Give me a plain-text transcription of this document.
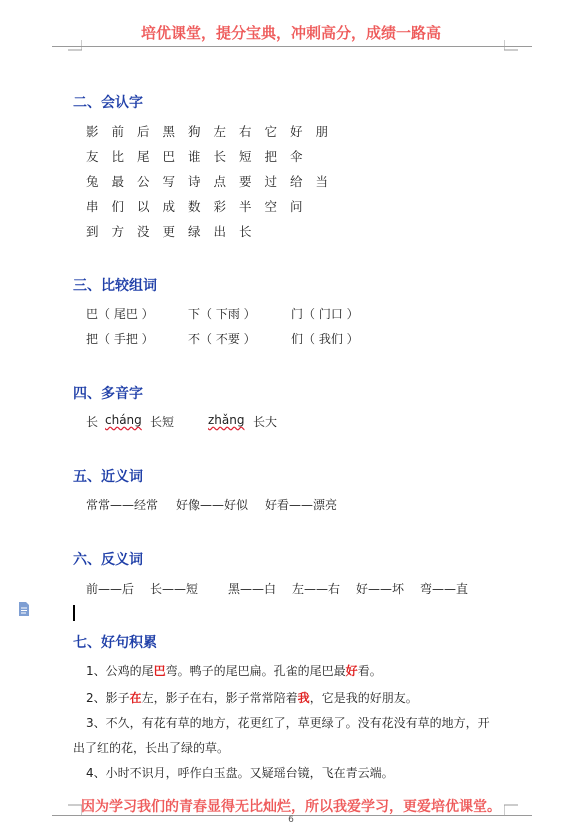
培优课堂，提分宝典，冲刺高分，成绩一路高
二、会认字
影 前 后 黑 狗 左 右 它 好 朋
友 比 尾 巴 谁 长 短 把 伞
兔 最 公 写 诗 点 要 过 给 当
串 们 以 成 数 彩 半 空 问
到 方 没 更 绿 出 长
三、比较组词
巴（ 尾巴 ）	下（ 下雨 ）	门（ 门口 ）
把（ 手把 ）	不（ 不要 ）	们（ 我们 ）
四、多音字
长 cháng 长短	zhǎng 长大
五、近义词
常常——经常 好像——好似 好看——漂亮
六、反义词
前——后 长——短 黑——白 左——右 好——坏 弯——直
七、好句积累
1、公鸡的尾巴弯。鸭子的尾巴扁。孔雀的尾巴最好看。
2、影子在左，影子在右，影子常常陪着我，它是我的好朋友。
3、不久，有花有草的地方，花更红了，草更绿了。没有花没有草的地方，开
出了红的花，长出了绿的草。
4、小时不识月，呼作白玉盘。又疑瑶台镜，飞在青云端。
因为学习我们的青春显得无比灿烂，所以我爱学习，更爱培优课堂。
6
